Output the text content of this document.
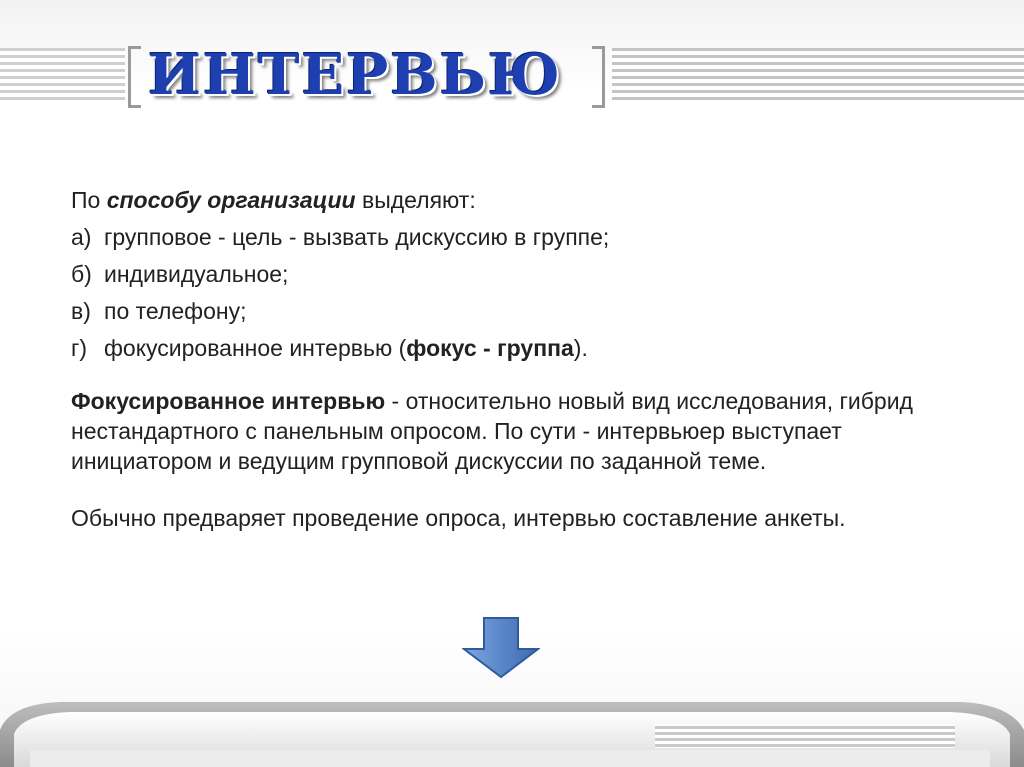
ИНТЕРВЬЮ

По способу организации выделяют:

а) групповое - цель - вызвать дискуссию в группе;
б) индивидуальное;
в) по телефону;
г) фокусированное интервью (фокус - группа).

Фокусированное интервью - относительно новый вид исследования, гибрид нестандартного с панельным опросом. По сути - интервьюер выступает инициатором и ведущим групповой дискуссии по заданной теме.

Обычно предваряет проведение опроса, интервью составление анкеты.
